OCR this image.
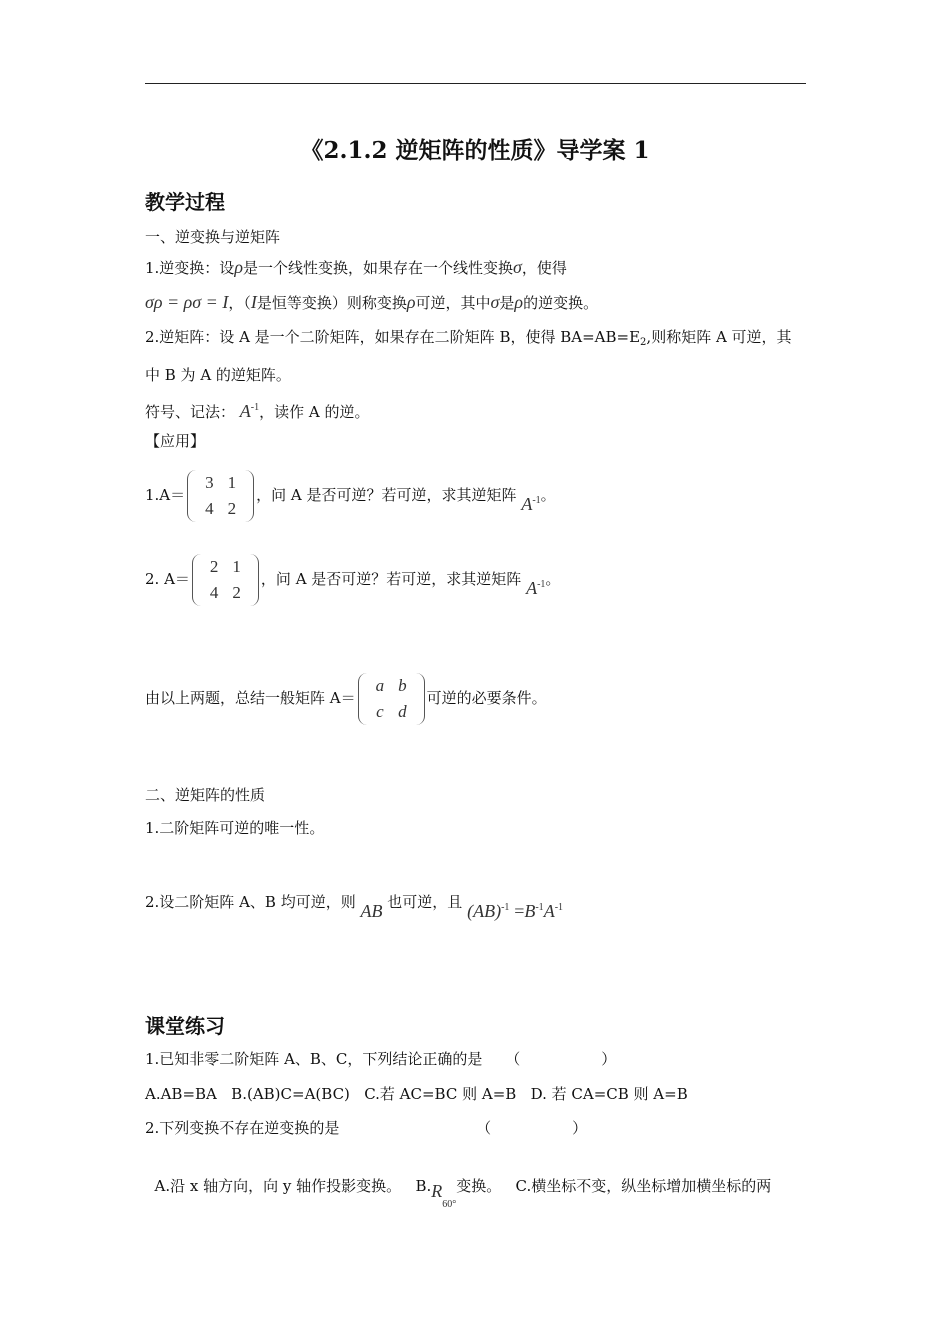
《2.1.2 逆矩阵的性质》导学案 1
教学过程
一、逆变换与逆矩阵
1.逆变换：设ρ是一个线性变换，如果存在一个线性变换σ，使得
σρ = ρσ = I，（I是恒等变换）则称变换ρ可逆，其中σ是ρ的逆变换。
2.逆矩阵：设 A 是一个二阶矩阵，如果存在二阶矩阵 B，使得 $BA=AB=E_2$,则称矩阵 A 可逆，其
中 B 为 A 的逆矩阵。
符号、记法： $A^{-1}$，读作 A 的逆。
【应用】
1.A＝
3	1
4	2
，问 A 是否可逆？若可逆，求其逆矩阵 $A_{-1}$。
2. A＝
2	1
4	2
，问 A 是否可逆？若可逆，求其逆矩阵 $A_{-1}$。
由以上两题，总结一般矩阵 A＝
a	b
c	d
可逆的必要条件。
二、逆矩阵的性质
1.二阶矩阵可逆的唯一性。
2.设二阶矩阵 A、B 均可逆，则 AB 也可逆，且 $(AB)^{-1} =B^{-1}A^{-1}$
课堂练习
1.已知非零二阶矩阵 A、B、C，下列结论正确的是 （                 ）
A.AB=BA   B.(AB)C=A(BC)   C.若 AC=BC 则 A=B   D. 若 CA=CB 则 A=B
2.下列变换不存在逆变换的是	（                 ）

A.沿 x 轴方向，向 y 轴作投影变换。   $B.R_{60^\circ}$变换。   C.横坐标不变，纵坐标增加横坐标的两
